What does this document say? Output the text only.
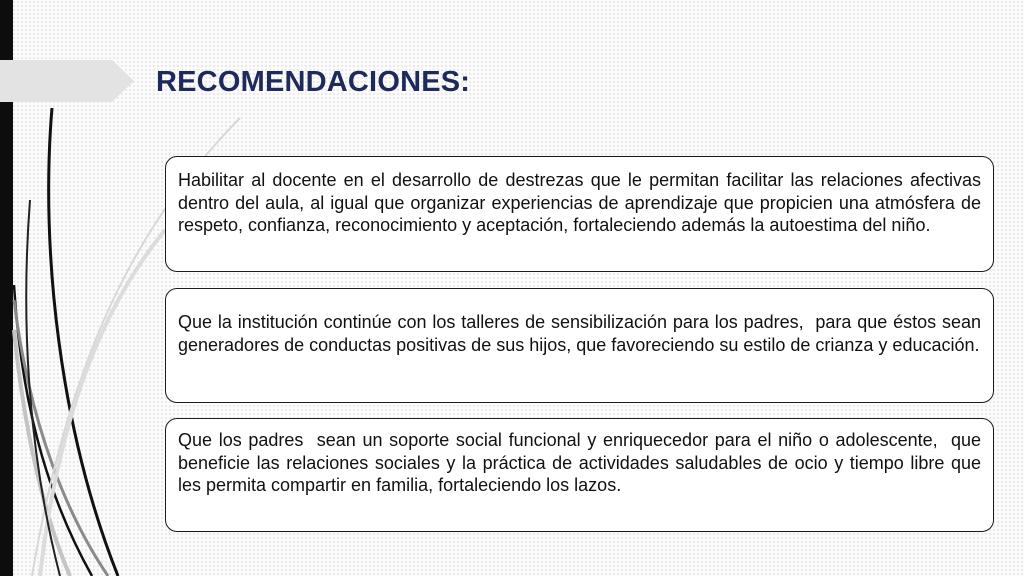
RECOMENDACIONES:

Habilitar al docente en el desarrollo de destrezas que le permitan facilitar las relaciones afectivas dentro del aula, al igual que organizar experiencias de aprendizaje que propicien una atmósfera de respeto, confianza, reconocimiento y aceptación, fortaleciendo además la autoestima del niño.

Que la institución continúe con los talleres de sensibilización para los padres,  para que éstos sean  generadores de conductas positivas de sus hijos, que favoreciendo su estilo de crianza y educación.

Que los padres  sean un soporte social funcional y enriquecedor para el niño o adolescente,  que beneficie las relaciones sociales y la práctica de actividades saludables de ocio y tiempo libre que les permita compartir en familia, fortaleciendo los lazos.
